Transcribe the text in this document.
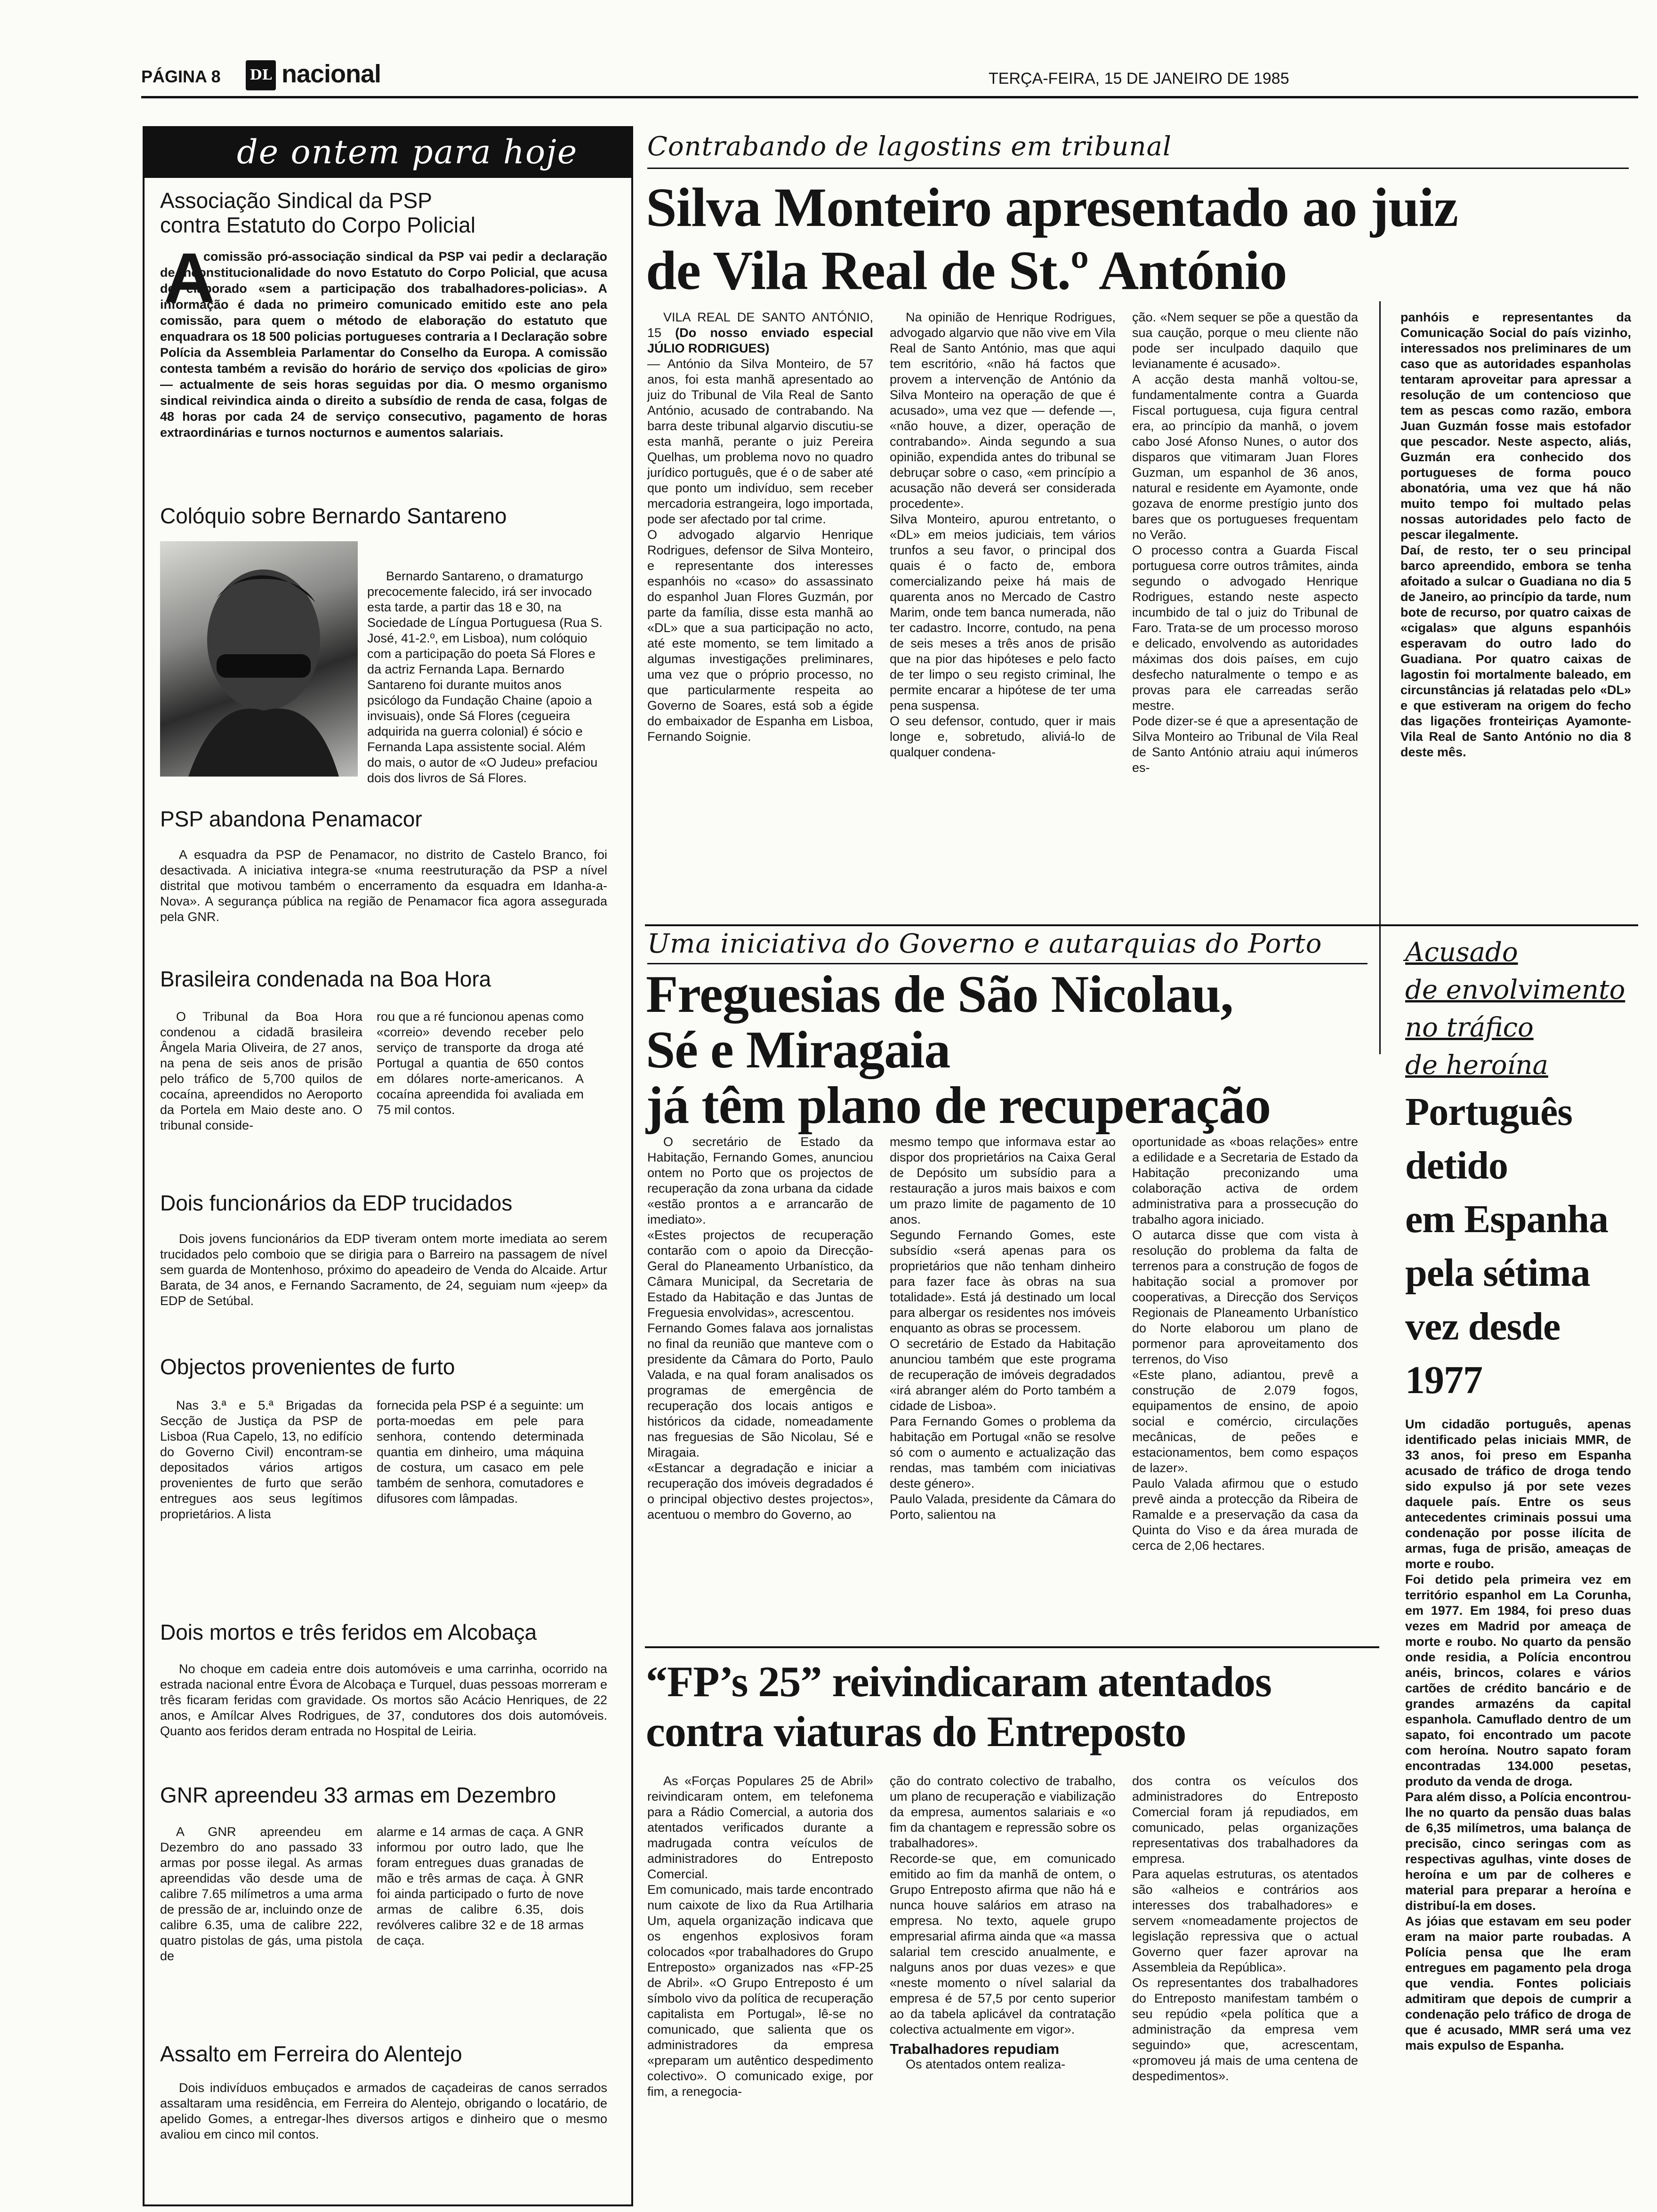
PÁGINA 8 DL nacional	TERÇA-FEIRA, 15 DE JANEIRO DE 1985
de ontem para hoje
Associação Sindical da PSP
contra Estatuto do Corpo Policial
A

comissão pró-associação sindical da PSP vai pedir a declaração de inconstitucionalidade do novo Estatuto do Corpo Policial, que acusa de elaborado «sem a participação dos trabalhadores-policias». A informação é dada no primeiro comunicado emitido este ano pela comissão, para quem o método de elaboração do estatuto que enquadrara os 18 500 policias portugueses contraria a I Declaração sobre Polícia da Assembleia Parlamentar do Conselho da Europa. A comissão contesta também a revisão do horário de serviço dos «policias de giro» — actualmente de seis horas seguidas por dia. O mesmo organismo sindical reivindica ainda o direito a subsídio de renda de casa, folgas de 48 horas por cada 24 de serviço consecutivo, pagamento de horas extraordinárias e turnos nocturnos e aumentos salariais.

Colóquio sobre Bernardo Santareno

Bernardo Santareno, o dramaturgo precocemente falecido, irá ser invocado esta tarde, a partir das 18 e 30, na Sociedade de Língua Portuguesa (Rua S. José, 41-2.º, em Lisboa), num colóquio com a participação do poeta Sá Flores e da actriz Fernanda Lapa. Bernardo Santareno foi durante muitos anos psicólogo da Fundação Chaine (apoio a invisuais), onde Sá Flores (cegueira adquirida na guerra colonial) é sócio e Fernanda Lapa assistente social. Além do mais, o autor de «O Judeu» prefaciou dois dos livros de Sá Flores.

PSP abandona Penamacor

A esquadra da PSP de Penamacor, no distrito de Castelo Branco, foi desactivada. A iniciativa integra-se «numa reestruturação da PSP a nível distrital que motivou também o encerramento da esquadra em Idanha-a-Nova». A segurança pública na região de Penamacor fica agora assegurada pela GNR.

Brasileira condenada na Boa Hora

O Tribunal da Boa Hora condenou a cidadã brasileira Ângela Maria Oliveira, de 27 anos, na pena de seis anos de prisão pelo tráfico de 5,700 quilos de cocaína, apreendidos no Aeroporto da Portela em Maio deste ano. O tribunal conside-

rou que a ré funcionou apenas como «correio» devendo receber pelo serviço de transporte da droga até Portugal a quantia de 650 contos em dólares norte-americanos. A cocaína apreendida foi avaliada em 75 mil contos.

Dois funcionários da EDP trucidados

Dois jovens funcionários da EDP tiveram ontem morte imediata ao serem trucidados pelo comboio que se dirigia para o Barreiro na passagem de nível sem guarda de Montenhoso, próximo do apeadeiro de Venda do Alcaide. Artur Barata, de 34 anos, e Fernando Sacramento, de 24, seguiam num «jeep» da EDP de Setúbal.

Objectos provenientes de furto

Nas 3.ª e 5.ª Brigadas da Secção de Justiça da PSP de Lisboa (Rua Capelo, 13, no edifício do Governo Civil) encontram-se depositados vários artigos provenientes de furto que serão entregues aos seus legítimos proprietários. A lista

fornecida pela PSP é a seguinte: um porta-moedas em pele para senhora, contendo determinada quantia em dinheiro, uma máquina de costura, um casaco em pele também de senhora, comutadores e difusores com lâmpadas.

Dois mortos e três feridos em Alcobaça

No choque em cadeia entre dois automóveis e uma carrinha, ocorrido na estrada nacional entre Évora de Alcobaça e Turquel, duas pessoas morreram e três ficaram feridas com gravidade. Os mortos são Acácio Henriques, de 22 anos, e Amílcar Alves Rodrigues, de 37, condutores dos dois automóveis. Quanto aos feridos deram entrada no Hospital de Leiria.

GNR apreendeu 33 armas em Dezembro

A GNR apreendeu em Dezembro do ano passado 33 armas por posse ilegal. As armas apreendidas vão desde uma de calibre 7.65 milímetros a uma arma de pressão de ar, incluindo onze de calibre 6.35, uma de calibre 222, quatro pistolas de gás, uma pistola de

alarme e 14 armas de caça. A GNR informou por outro lado, que lhe foram entregues duas granadas de mão e três armas de caça. À GNR foi ainda participado o furto de nove armas de calibre 6.35, dois revólveres calibre 32 e de 18 armas de caça.

Assalto em Ferreira do Alentejo

Dois indivíduos embuçados e armados de caçadeiras de canos serrados assaltaram uma residência, em Ferreira do Alentejo, obrigando o locatário, de apelido Gomes, a entregar-lhes diversos artigos e dinheiro que o mesmo avaliou em cinco mil contos.

Contrabando de lagostins em tribunal
Silva Monteiro apresentado ao juiz
de Vila Real de St.º António

VILA REAL DE SANTO ANTÓNIO, 15 (Do nosso enviado especial JÚLIO RODRIGUES)

— António da Silva Monteiro, de 57 anos, foi esta manhã apresentado ao juiz do Tribunal de Vila Real de Santo António, acusado de contrabando. Na barra deste tribunal algarvio discutiu-se esta manhã, perante o juiz Pereira Quelhas, um problema novo no quadro jurídico português, que é o de saber até que ponto um indivíduo, sem receber mercadoria estrangeira, logo importada, pode ser afectado por tal crime.
O advogado algarvio Henrique Rodrigues, defensor de Silva Monteiro, e representante dos interesses espanhóis no «caso» do assassinato do espanhol Juan Flores Guzmán, por parte da família, disse esta manhã ao «DL» que a sua participação no acto, até este momento, se tem limitado a algumas investigações preliminares, uma vez que o próprio processo, no que particularmente respeita ao Governo de Soares, está sob a égide do embaixador de Espanha em Lisboa, Fernando Soignie.

Na opinião de Henrique Rodrigues, advogado algarvio que não vive em Vila Real de Santo António, mas que aqui tem escritório, «não há factos que provem a intervenção de António da Silva Monteiro na operação de que é acusado», uma vez que — defende —, «não houve, a dizer, operação de contrabando». Ainda segundo a sua opinião, expendida antes do tribunal se debruçar sobre o caso, «em princípio a acusação não deverá ser considerada procedente».
Silva Monteiro, apurou entretanto, o «DL» em meios judiciais, tem vários trunfos a seu favor, o principal dos quais é o facto de, embora comercializando peixe há mais de quarenta anos no Mercado de Castro Marim, onde tem banca numerada, não ter cadastro. Incorre, contudo, na pena de seis meses a três anos de prisão que na pior das hipóteses e pelo facto de ter limpo o seu registo criminal, lhe permite encarar a hipótese de ter uma pena suspensa.
O seu defensor, contudo, quer ir mais longe e, sobretudo, aliviá-lo de qualquer condena-

ção. «Nem sequer se põe a questão da sua caução, porque o meu cliente não pode ser inculpado daquilo que levianamente é acusado».
A acção desta manhã voltou-se, fundamentalmente contra a Guarda Fiscal portuguesa, cuja figura central era, ao princípio da manhã, o jovem cabo José Afonso Nunes, o autor dos disparos que vitimaram Juan Flores Guzman, um espanhol de 36 anos, natural e residente em Ayamonte, onde gozava de enorme prestígio junto dos bares que os portugueses frequentam no Verão.
O processo contra a Guarda Fiscal portuguesa corre outros trâmites, ainda segundo o advogado Henrique Rodrigues, estando neste aspecto incumbido de tal o juiz do Tribunal de Faro. Trata-se de um processo moroso e delicado, envolvendo as autoridades máximas dos dois países, em cujo desfecho naturalmente o tempo e as provas para ele carreadas serão mestre.
Pode dizer-se é que a apresentação de Silva Monteiro ao Tribunal de Vila Real de Santo António atraiu aqui inúmeros es-

panhóis e representantes da Comunicação Social do país vizinho, interessados nos preliminares de um caso que as autoridades espanholas tentaram aproveitar para apressar a resolução de um contencioso que tem as pescas como razão, embora Juan Guzmán fosse mais estofador que pescador. Neste aspecto, aliás, Guzmán era conhecido dos portugueses de forma pouco abonatória, uma vez que há não muito tempo foi multado pelas nossas autoridades pelo facto de pescar ilegalmente.
Daí, de resto, ter o seu principal barco apreendido, embora se tenha afoitado a sulcar o Guadiana no dia 5 de Janeiro, ao princípio da tarde, num bote de recurso, por quatro caixas de «cigalas» que alguns espanhóis esperavam do outro lado do Guadiana. Por quatro caixas de lagostin foi mortalmente baleado, em circunstâncias já relatadas pelo «DL» e que estiveram na origem do fecho das ligações fronteiriças Ayamonte-Vila Real de Santo António no dia 8 deste mês.

Uma iniciativa do Governo e autarquias do Porto
Freguesias de São Nicolau,
Sé e Miragaia
já têm plano de recuperação

O secretário de Estado da Habitação, Fernando Gomes, anunciou ontem no Porto que os projectos de recuperação da zona urbana da cidade «estão prontos a e arrancarão de imediato».
«Estes projectos de recuperação contarão com o apoio da Direcção-Geral do Planeamento Urbanístico, da Câmara Municipal, da Secretaria de Estado da Habitação e das Juntas de Freguesia envolvidas», acrescentou.
Fernando Gomes falava aos jornalistas no final da reunião que manteve com o presidente da Câmara do Porto, Paulo Valada, e na qual foram analisados os programas de emergência de recuperação dos locais antigos e históricos da cidade, nomeadamente nas freguesias de São Nicolau, Sé e Miragaia.
«Estancar a degradação e iniciar a recuperação dos imóveis degradados é o principal objectivo destes projectos», acentuou o membro do Governo, ao

mesmo tempo que informava estar ao dispor dos proprietários na Caixa Geral de Depósito um subsídio para a restauração a juros mais baixos e com um prazo limite de pagamento de 10 anos.
Segundo Fernando Gomes, este subsídio «será apenas para os proprietários que não tenham dinheiro para fazer face às obras na sua totalidade». Está já destinado um local para albergar os residentes nos imóveis enquanto as obras se processem.
O secretário de Estado da Habitação anunciou também que este programa de recuperação de imóveis degradados «irá abranger além do Porto também a cidade de Lisboa».
Para Fernando Gomes o problema da habitação em Portugal «não se resolve só com o aumento e actualização das rendas, mas também com iniciativas deste género».
Paulo Valada, presidente da Câmara do Porto, salientou na

oportunidade as «boas relações» entre a edilidade e a Secretaria de Estado da Habitação preconizando uma colaboração activa de ordem administrativa para a prossecução do trabalho agora iniciado.
O autarca disse que com vista à resolução do problema da falta de terrenos para a construção de fogos de habitação social a promover por cooperativas, a Direcção dos Serviços Regionais de Planeamento Urbanístico do Norte elaborou um plano de pormenor para aproveitamento dos terrenos, do Viso
«Este plano, adiantou, prevê a construção de 2.079 fogos, equipamentos de ensino, de apoio social e comércio, circulações mecânicas, de peões e estacionamentos, bem como espaços de lazer».
Paulo Valada afirmou que o estudo prevê ainda a protecção da Ribeira de Ramalde e a preservação da casa da Quinta do Viso e da área murada de cerca de 2,06 hectares.

“FP’s 25” reivindicaram atentados
contra viaturas do Entreposto

As «Forças Populares 25 de Abril» reivindicaram ontem, em telefonema para a Rádio Comercial, a autoria dos atentados verificados durante a madrugada contra veículos de administradores do Entreposto Comercial.
Em comunicado, mais tarde encontrado num caixote de lixo da Rua Artilharia Um, aquela organização indicava que os engenhos explosivos foram colocados «por trabalhadores do Grupo Entreposto» organizados nas «FP-25 de Abril». «O Grupo Entreposto é um símbolo vivo da política de recuperação capitalista em Portugal», lê-se no comunicado, que salienta que os administradores da empresa «preparam um autêntico despedimento colectivo». O comunicado exige, por fim, a renegocia-

ção do contrato colectivo de trabalho, um plano de recuperação e viabilização da empresa, aumentos salariais e «o fim da chantagem e repressão sobre os trabalhadores».
Recorde-se que, em comunicado emitido ao fim da manhã de ontem, o Grupo Entreposto afirma que não há e nunca houve salários em atraso na empresa. No texto, aquele grupo empresarial afirma ainda que «a massa salarial tem crescido anualmente, e nalguns anos por duas vezes» e que «neste momento o nível salarial da empresa é de 57,5 por cento superior ao da tabela aplicável da contratação colectiva actualmente em vigor».

Trabalhadores repudiam

Os atentados ontem realiza-

dos contra os veículos dos administradores do Entreposto Comercial foram já repudiados, em comunicado, pelas organizações representativas dos trabalhadores da empresa.
Para aquelas estruturas, os atentados são «alheios e contrários aos interesses dos trabalhadores» e servem «nomeadamente projectos de legislação repressiva que o actual Governo quer fazer aprovar na Assembleia da República».
Os representantes dos trabalhadores do Entreposto manifestam também o seu repúdio «pela política que a administração da empresa vem seguindo» que, acrescentam, «promoveu já mais de uma centena de despedimentos».

Acusado
de envolvimento
no tráfico
de heroína
Português
detido
em Espanha
pela sétima
vez desde
1977

Um cidadão português, apenas identificado pelas iniciais MMR, de 33 anos, foi preso em Espanha acusado de tráfico de droga tendo sido expulso já por sete vezes daquele país. Entre os seus antecedentes criminais possui uma condenação por posse ilícita de armas, fuga de prisão, ameaças de morte e roubo.
Foi detido pela primeira vez em território espanhol em La Corunha, em 1977. Em 1984, foi preso duas vezes em Madrid por ameaça de morte e roubo. No quarto da pensão onde residia, a Polícia encontrou anéis, brincos, colares e vários cartões de crédito bancário e de grandes armazéns da capital espanhola. Camuflado dentro de um sapato, foi encontrado um pacote com heroína. Noutro sapato foram encontradas 134.000 pesetas, produto da venda de droga.
Para além disso, a Polícia encontrou-lhe no quarto da pensão duas balas de 6,35 milímetros, uma balança de precisão, cinco seringas com as respectivas agulhas, vinte doses de heroína e um par de colheres e material para preparar a heroína e distribuí-la em doses.
As jóias que estavam em seu poder eram na maior parte roubadas. A Polícia pensa que lhe eram entregues em pagamento pela droga que vendia. Fontes policiais admitiram que depois de cumprir a condenação pelo tráfico de droga de que é acusado, MMR será uma vez mais expulso de Espanha.
